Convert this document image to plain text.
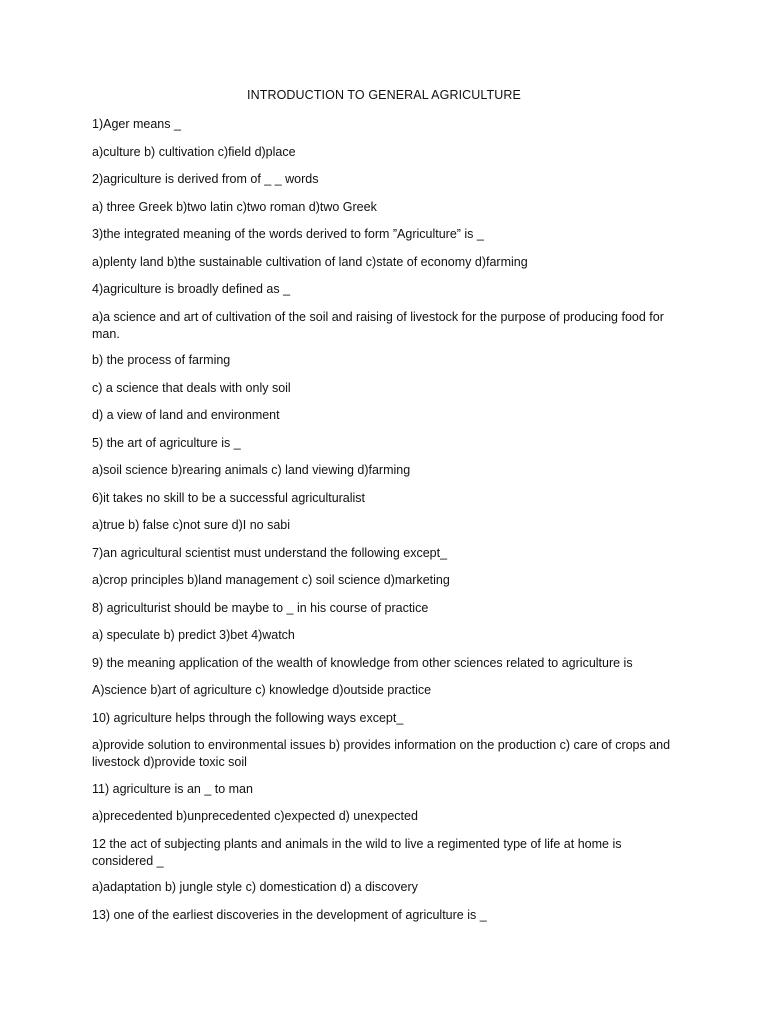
INTRODUCTION TO GENERAL AGRICULTURE
1)Ager means _
a)culture b) cultivation c)field d)place
2)agriculture is derived from of _ _ words
a) three Greek b)two latin c)two roman d)two Greek
3)the integrated meaning of the words derived to form ”Agriculture” is _
a)plenty land b)the sustainable cultivation of land c)state of economy d)farming
4)agriculture is broadly defined as _
a)a science and art of cultivation of the soil and raising of livestock for the purpose of producing food for man.
b) the process of farming
c) a science that deals with only soil
d) a view of land and environment
5) the art of agriculture is _
a)soil science b)rearing animals c) land viewing d)farming
6)it takes no skill to be a successful agriculturalist
a)true b) false c)not sure d)I no sabi
7)an agricultural scientist must understand the following except_
a)crop principles b)land management c) soil science d)marketing
8) agriculturist should be maybe to _ in his course of practice
a) speculate b) predict 3)bet 4)watch
9) the meaning application of the wealth of knowledge from other sciences related to agriculture is
A)science b)art of agriculture c) knowledge d)outside practice
10) agriculture helps through the following ways except_
a)provide solution to environmental issues b) provides information on the production c) care of crops and livestock d)provide toxic soil
11) agriculture is an _ to man
a)precedented b)unprecedented c)expected d) unexpected
12 the act of subjecting plants and animals in the wild to live a regimented type of life at home is considered _
a)adaptation b) jungle style c) domestication d) a discovery
13) one of the earliest discoveries in the development of agriculture is _
